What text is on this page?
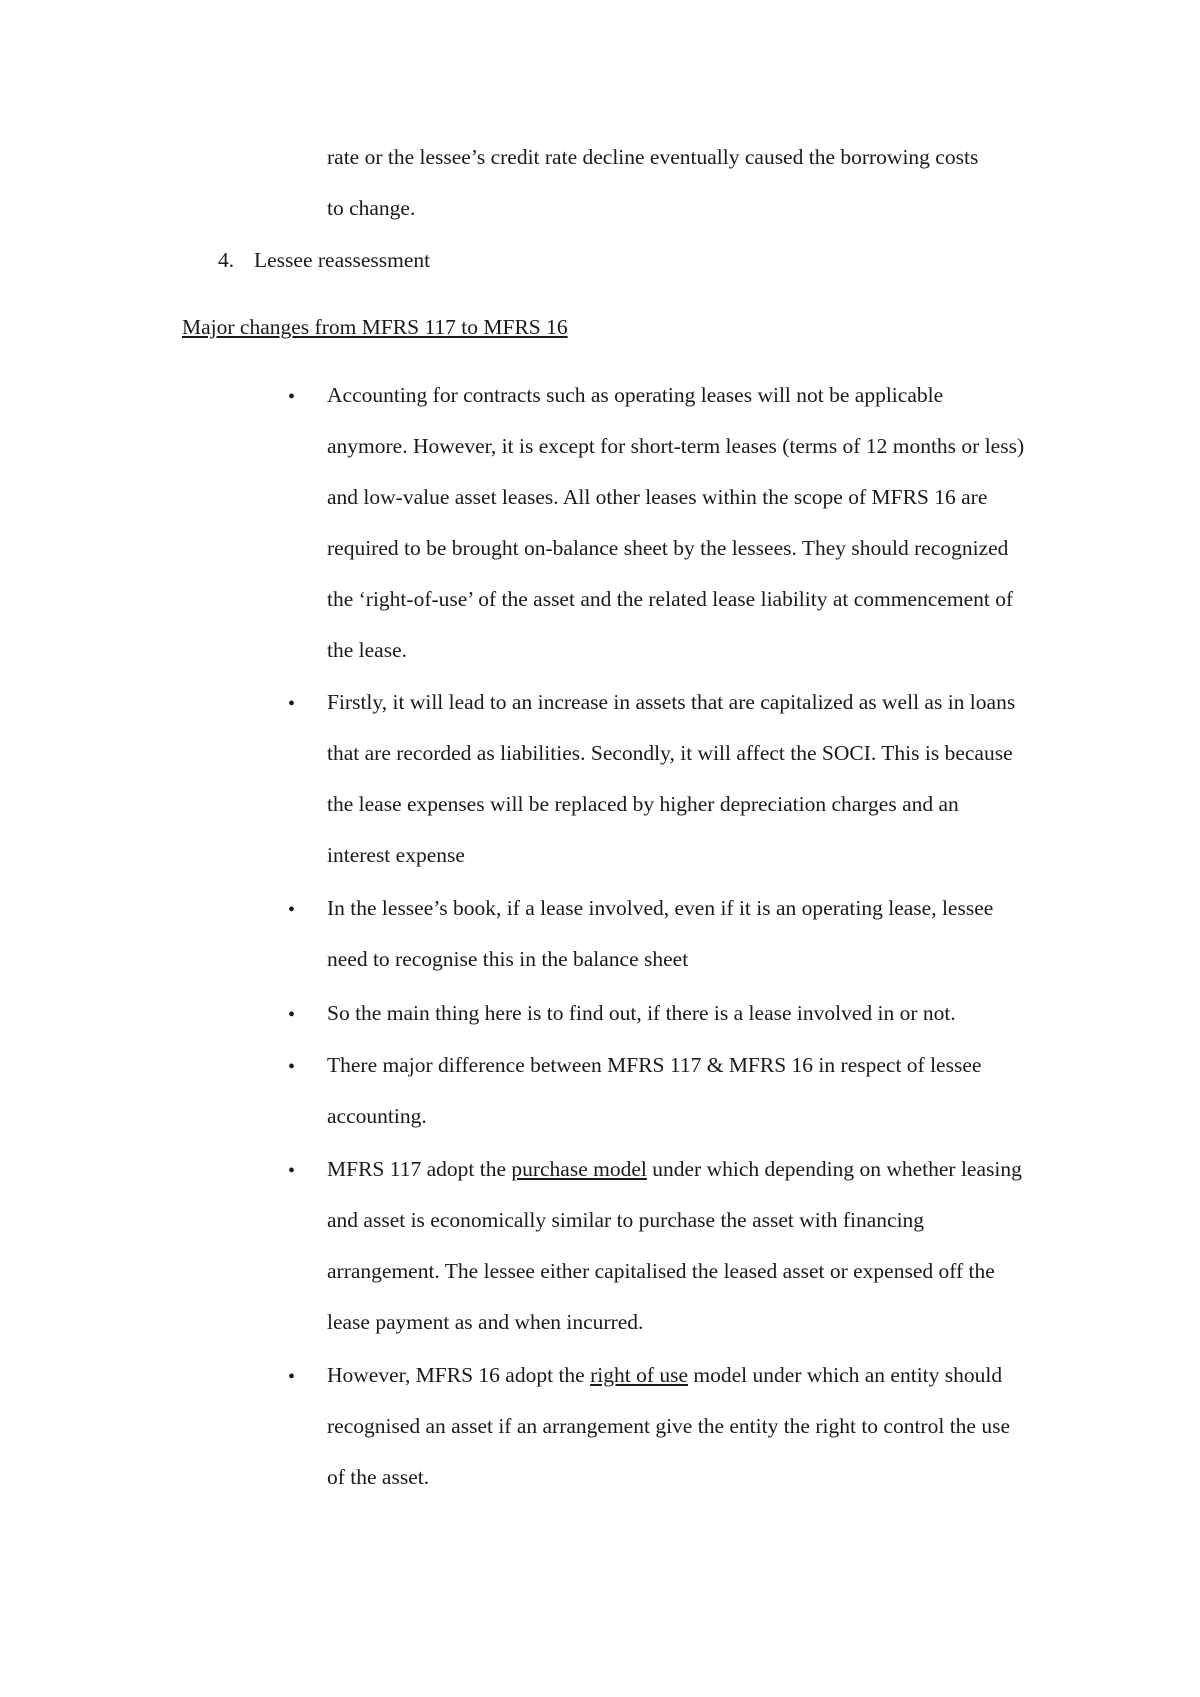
rate or the lessee’s credit rate decline eventually caused the borrowing costs
to change.
4. Lessee reassessment
Major changes from MFRS 117 to MFRS 16
• Accounting for contracts such as operating leases will not be applicable anymore. However, it is except for short-term leases (terms of 12 months or less) and low-value asset leases. All other leases within the scope of MFRS 16 are required to be brought on-balance sheet by the lessees. They should recognized the ‘right-of-use’ of the asset and the related lease liability at commencement of the lease.
• Firstly, it will lead to an increase in assets that are capitalized as well as in loans that are recorded as liabilities. Secondly, it will affect the SOCI. This is because the lease expenses will be replaced by higher depreciation charges and an interest expense
• In the lessee’s book, if a lease involved, even if it is an operating lease, lessee need to recognise this in the balance sheet
• So the main thing here is to find out, if there is a lease involved in or not.
• There major difference between MFRS 117 & MFRS 16 in respect of lessee accounting.
• MFRS 117 adopt the purchase model under which depending on whether leasing and asset is economically similar to purchase the asset with financing arrangement. The lessee either capitalised the leased asset or expensed off the lease payment as and when incurred.
• However, MFRS 16 adopt the right of use model under which an entity should recognised an asset if an arrangement give the entity the right to control the use of the asset.
